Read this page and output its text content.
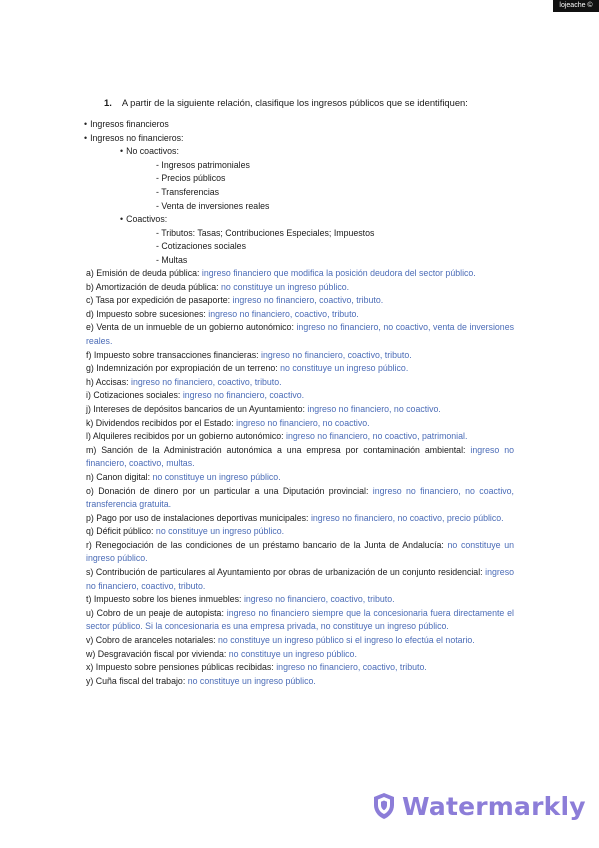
lojeache ©
1. A partir de la siguiente relación, clasifique los ingresos públicos que se identifiquen:
• Ingresos financieros
• Ingresos no financieros:
• No coactivos:
- Ingresos patrimoniales
- Precios públicos
- Transferencias
- Venta de inversiones reales
• Coactivos:
- Tributos: Tasas; Contribuciones Especiales; Impuestos
- Cotizaciones sociales
- Multas

a) Emisión de deuda pública: ingreso financiero que modifica la posición deudora del sector público.

b) Amortización de deuda pública: no constituye un ingreso público.

c) Tasa por expedición de pasaporte: ingreso no financiero, coactivo, tributo.

d) Impuesto sobre sucesiones: ingreso no financiero, coactivo, tributo.

e) Venta de un inmueble de un gobierno autonómico: ingreso no financiero, no coactivo, venta de inversiones reales.

f) Impuesto sobre transacciones financieras: ingreso no financiero, coactivo, tributo.

g) Indemnización por expropiación de un terreno: no constituye un ingreso público.

h) Accisas: ingreso no financiero, coactivo, tributo.

i) Cotizaciones sociales: ingreso no financiero, coactivo.

j) Intereses de depósitos bancarios de un Ayuntamiento: ingreso no financiero, no coactivo.

k) Dividendos recibidos por el Estado: ingreso no financiero, no coactivo.

l) Alquileres recibidos por un gobierno autonómico: ingreso no financiero, no coactivo, patrimonial.

m) Sanción de la Administración autonómica a una empresa por contaminación ambiental: ingreso no financiero, coactivo, multas.

n) Canon digital: no constituye un ingreso público.

o) Donación de dinero por un particular a una Diputación provincial: ingreso no financiero, no coactivo, transferencia gratuita.

p) Pago por uso de instalaciones deportivas municipales: ingreso no financiero, no coactivo, precio público.

q) Déficit público: no constituye un ingreso público.

r) Renegociación de las condiciones de un préstamo bancario de la Junta de Andalucía: no constituye un ingreso público.

s) Contribución de particulares al Ayuntamiento por obras de urbanización de un conjunto residencial: ingreso no financiero, coactivo, tributo.

t) Impuesto sobre los bienes inmuebles: ingreso no financiero, coactivo, tributo.

u) Cobro de un peaje de autopista: ingreso no financiero siempre que la concesionaria fuera directamente el sector público. Si la concesionaria es una empresa privada, no constituye un ingreso público.

v) Cobro de aranceles notariales: no constituye un ingreso público si el ingreso lo efectúa el notario.

w) Desgravación fiscal por vivienda: no constituye un ingreso público.

x) Impuesto sobre pensiones públicas recibidas: ingreso no financiero, coactivo, tributo.

y) Cuña fiscal del trabajo: no constituye un ingreso público.

Watermarkly
